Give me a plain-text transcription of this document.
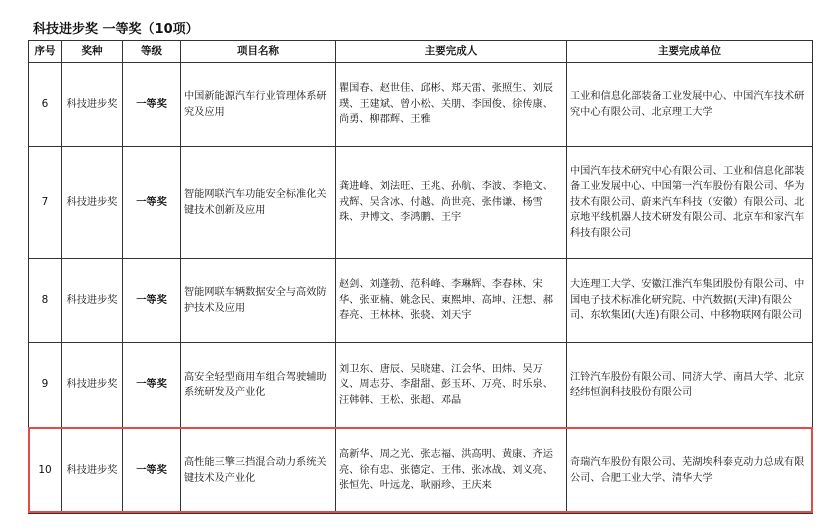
科技进步奖 一等奖（10项）
序号	奖种	等级	项目名称	主要完成人	主要完成单位
6	科技进步奖	一等奖	中国新能源汽车行业管理体系研究及应用	瞿国春、赵世佳、邱彬、郑天雷、张照生、刘辰璞、王建斌、曾小松、关朋、李国俊、徐传康、尚勇、柳郡辉、王雅	工业和信息化部装备工业发展中心、中国汽车技术研究中心有限公司、北京理工大学
7	科技进步奖	一等奖	智能网联汽车功能安全标准化关键技术创新及应用	龚进峰、刘法旺、王兆、孙航、李波、李艳文、戎辉、吴含冰、付越、尚世亮、张伟谦、杨雪珠、尹博文、李鸿鹏、王宇	中国汽车技术研究中心有限公司、工业和信息化部装备工业发展中心、中国第一汽车股份有限公司、华为技术有限公司、蔚来汽车科技（安徽）有限公司、北京地平线机器人技术研发有限公司、北京车和家汽车科技有限公司
8	科技进步奖	一等奖	智能网联车辆数据安全与高效防护技术及应用	赵剑、刘蓬勃、范科峰、李琳辉、李春林、宋华、张亚楠、姚念民、東熙坤、高坤、汪想、郝春亮、王林林、张骁、刘天宇	大连理工大学、安徽江淮汽车集团股份有限公司、中国电子技术标准化研究院、中汽数据(天津)有限公司、东软集团(大连)有限公司、中移物联网有限公司
9	科技进步奖	一等奖	高安全轻型商用车组合驾驶辅助系统研发及产业化	刘卫东、唐辰、吴晓建、江会华、田炜、吴万义、周志芬、李甜甜、彭玉环、万亮、时乐泉、汪韩韩、王松、张超、邓晶	江铃汽车股份有限公司、同济大学、南昌大学、北京经纬恒润科技股份有限公司
10	科技进步奖	一等奖	高性能三擎三挡混合动力系统关键技术及产业化	高新华、周之光、张志福、洪高明、黄康、齐运亮、徐有忠、张德定、王伟、张冰战、刘义亮、张恒先、叶远龙、耿丽珍、王庆来	奇瑞汽车股份有限公司、芜湖埃科泰克动力总成有限公司、合肥工业大学、清华大学
